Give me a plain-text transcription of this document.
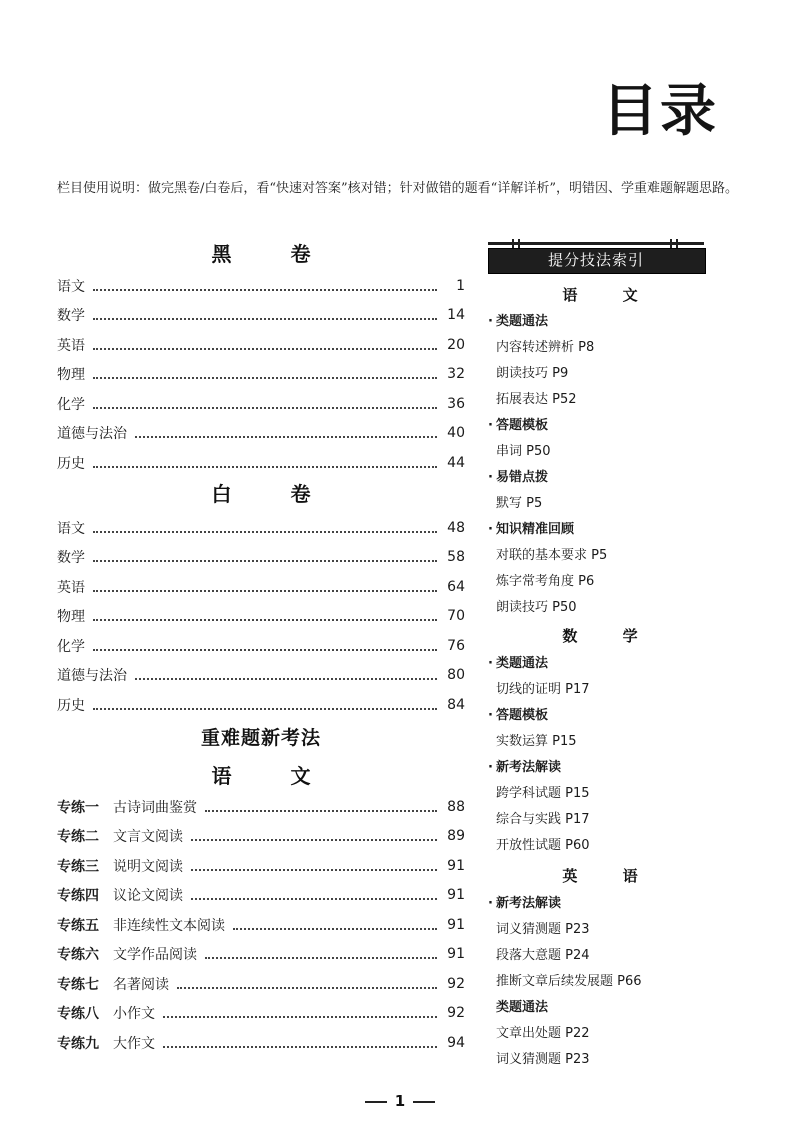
目录
栏目使用说明：做完黑卷/白卷后，看“快速对答案”核对错；针对做错的题看“详解详析”，明错因、学重难题解题思路。
黑 卷
语文	1
数学	14
英语	20
物理	32
化学	36
道德与法治	40
历史	44
白 卷
语文	48
数学	58
英语	64
物理	70
化学	76
道德与法治	80
历史	84
重难题新考法
语 文
专练一 古诗词曲鉴赏	88
专练二 文言文阅读	89
专练三 说明文阅读	91
专练四 议论文阅读	91
专练五 非连续性文本阅读	91
专练六 文学作品阅读	91
专练七 名著阅读	92
专练八 小作文	92
专练九 大作文	94
提分技法索引
语 文
· 类题通法
内容转述辨析 P8
朗读技巧 P9
拓展表达 P52
· 答题模板
串词 P50
· 易错点拨
默写 P5
· 知识精准回顾
对联的基本要求 P5
炼字常考角度 P6
朗读技巧 P50
数 学
· 类题通法
切线的证明 P17
· 答题模板
实数运算 P15
· 新考法解读
跨学科试题 P15
综合与实践 P17
开放性试题 P60
英 语
· 新考法解读
词义猜测题 P23
段落大意题 P24
推断文章后续发展题 P66
类题通法
文章出处题 P22
词义猜测题 P23
1
